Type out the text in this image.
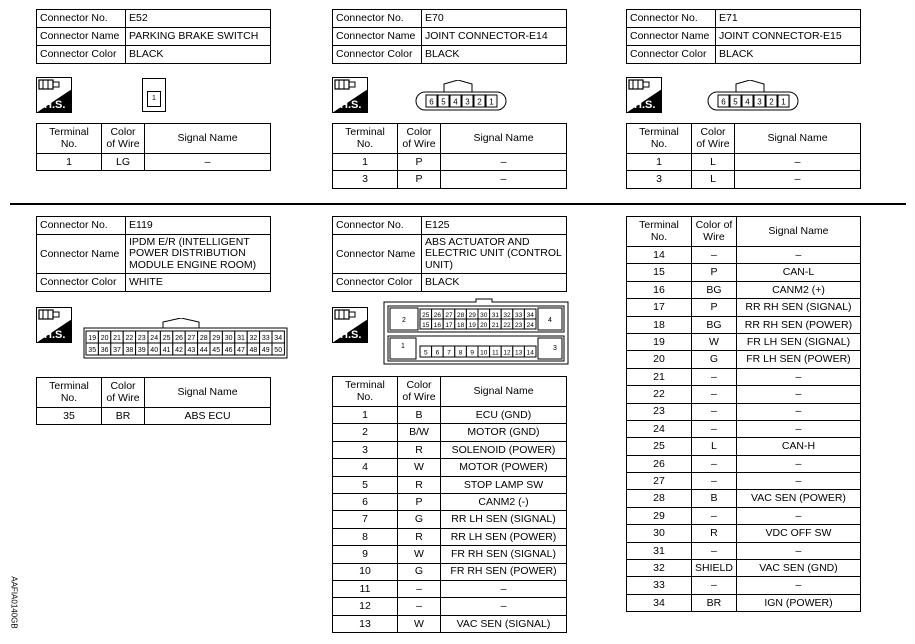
Connector No.	E52
Connector Name	PARKING BRAKE SWITCH
Connector Color	BLACK
H.S.
1
Terminal No.	Color of Wire	Signal Name
1	LG	–
Connector No.	E70
Connector Name	JOINT CONNECTOR-E14
Connector Color	BLACK
H.S.	6 5 4 3 2 1
Terminal No.	Color of Wire	Signal Name
1	P	–
3	P	–
Connector No.	E71
Connector Name	JOINT CONNECTOR-E15
Connector Color	BLACK
H.S.	6 5 4 3 2 1
Terminal No.	Color of Wire	Signal Name
1	L	–
3	L	–
Connector No.	E119
Connector Name	IPDM E/R (INTELLIGENT POWER DISTRIBUTION MODULE ENGINE ROOM)
Connector Color	WHITE
H.S.	19 20 21 22 23 24 25 26 27 28 29 30 31 32 33 34
35 36 37 38 39 40 41 42 43 44 45 46 47 48 49 50
Terminal No.	Color of Wire	Signal Name
35	BR	ABS ECU
Connector No.	E125
Connector Name	ABS ACTUATOR AND ELECTRIC UNIT (CONTROL UNIT)
Connector Color	BLACK
H.S.
2	4
1	3
25 26 27 28 29 30 31 32 33 34
15 16 17 18 19 20 21 22 23 24
5 6 7 8 9 10 11 12 13 14
Terminal No.	Color of Wire	Signal Name
1	B	ECU (GND)
2	B/W	MOTOR (GND)
3	R	SOLENOID (POWER)
4	W	MOTOR (POWER)
5	R	STOP LAMP SW
6	P	CANM2 (-)
7	G	RR LH SEN (SIGNAL)
8	R	RR LH SEN (POWER)
9	W	FR RH SEN (SIGNAL)
10	G	FR RH SEN (POWER)
11	–	–
12	–	–
13	W	VAC SEN (SIGNAL)
Terminal No.	Color of Wire	Signal Name
14	–	–
15	P	CAN-L
16	BG	CANM2 (+)
17	P	RR RH SEN (SIGNAL)
18	BG	RR RH SEN (POWER)
19	W	FR LH SEN (SIGNAL)
20	G	FR LH SEN (POWER)
21	–	–
22	–	–
23	–	–
24	–	–
25	L	CAN-H
26	–	–
27	–	–
28	B	VAC SEN (POWER)
29	–	–
30	R	VDC OFF SW
31	–	–
32	SHIELD	VAC SEN (GND)
33	–	–
34	BR	IGN (POWER)
AAFIA0140GB
